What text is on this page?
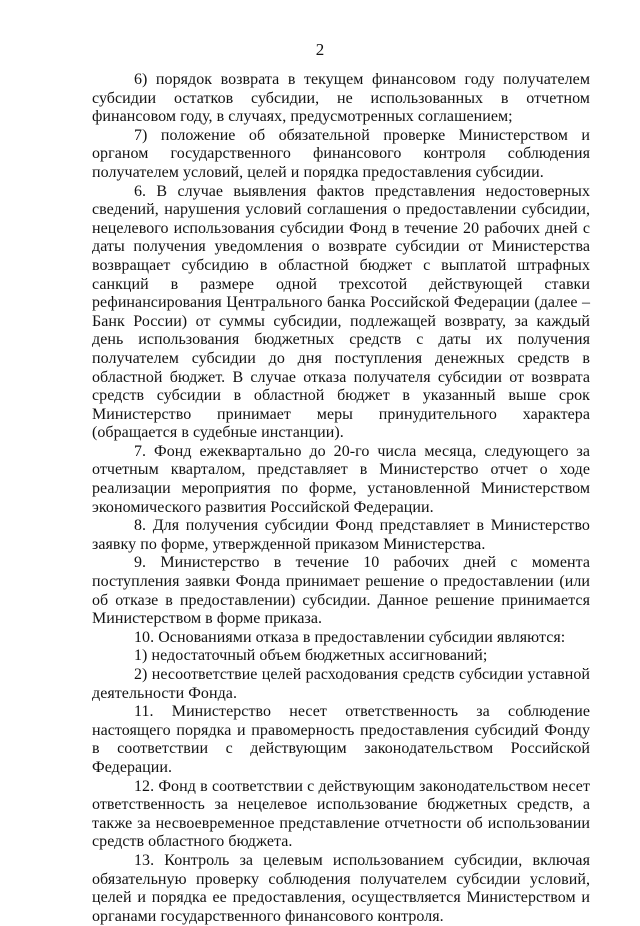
2

6) порядок возврата в текущем финансовом году получателем субсидии остатков субсидии, не использованных в отчетном финансовом году, в случаях, предусмотренных соглашением;

7) положение об обязательной проверке Министерством и органом государственного финансового контроля соблюдения получателем условий, целей и порядка предоставления субсидии.

6. В случае выявления фактов представления недостоверных сведений, нарушения условий соглашения о предоставлении субсидии, нецелевого использования субсидии Фонд в течение 20 рабочих дней с даты получения уведомления о возврате субсидии от Министерства возвращает субсидию в областной бюджет с выплатой штрафных санкций в размере одной трехсотой действующей ставки рефинансирования Центрального банка Российской Федерации (далее – Банк России) от суммы субсидии, подлежащей возврату, за каждый день использования бюджетных средств с даты их получения получателем субсидии до дня поступления денежных средств в областной бюджет. В случае отказа получателя субсидии от возврата средств субсидии в областной бюджет в указанный выше срок Министерство принимает меры принудительного характера (обращается в судебные инстанции).

7. Фонд ежеквартально до 20-го числа месяца, следующего за отчетным кварталом, представляет в Министерство отчет о ходе реализации мероприятия по форме, установленной Министерством экономического развития Российской Федерации.

8. Для получения субсидии Фонд представляет в Министерство заявку по форме, утвержденной приказом Министерства.

9. Министерство в течение 10 рабочих дней с момента поступления заявки Фонда принимает решение о предоставлении (или об отказе в предоставлении) субсидии. Данное решение принимается Министерством в форме приказа.

10. Основаниями отказа в предоставлении субсидии являются:

1) недостаточный объем бюджетных ассигнований;

2) несоответствие целей расходования средств субсидии уставной деятельности Фонда.

11. Министерство несет ответственность за соблюдение настоящего порядка и правомерность предоставления субсидий Фонду в соответствии с действующим законодательством Российской Федерации.

12. Фонд в соответствии с действующим законодательством несет ответственность за нецелевое использование бюджетных средств, а также за несвоевременное представление отчетности об использовании средств областного бюджета.

13. Контроль за целевым использованием субсидии, включая обязательную проверку соблюдения получателем субсидии условий, целей и порядка ее предоставления, осуществляется Министерством и органами государственного финансового контроля.
